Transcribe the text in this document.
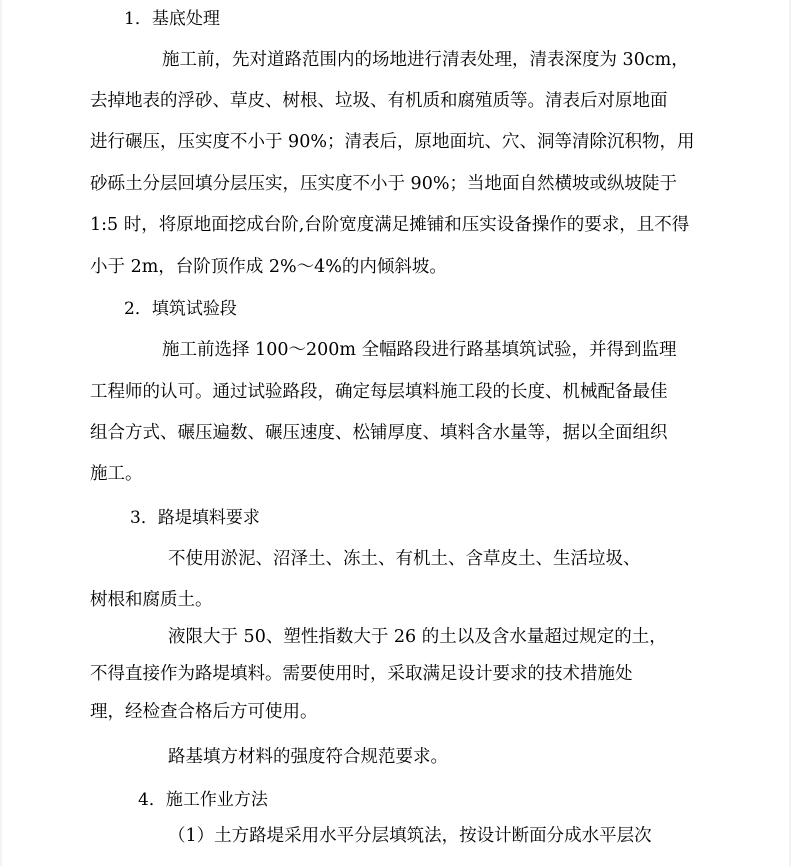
1．基底处理
施工前，先对道路范围内的场地进行清表处理，清表深度为 30cm，
去掉地表的浮砂、草皮、树根、垃圾、有机质和腐殖质等。清表后对原地面
进行碾压，压实度不小于 90%；清表后，原地面坑、穴、洞等清除沉积物，用
砂砾土分层回填分层压实，压实度不小于 90%；当地面自然横坡或纵坡陡于
1:5 时，将原地面挖成台阶,台阶宽度满足摊铺和压实设备操作的要求，且不得
小于 2m，台阶顶作成 2%～4%的内倾斜坡。
2．填筑试验段
施工前选择 100～200m 全幅路段进行路基填筑试验，并得到监理
工程师的认可。通过试验路段，确定每层填料施工段的长度、机械配备最佳
组合方式、碾压遍数、碾压速度、松铺厚度、填料含水量等，据以全面组织
施工。
3．路堤填料要求
不使用淤泥、沼泽土、冻土、有机土、含草皮土、生活垃圾、
树根和腐质土。
液限大于 50、塑性指数大于 26 的土以及含水量超过规定的土，
不得直接作为路堤填料。需要使用时，采取满足设计要求的技术措施处
理，经检查合格后方可使用。
路基填方材料的强度符合规范要求。
4．施工作业方法
（1）土方路堤采用水平分层填筑法，按设计断面分成水平层次
